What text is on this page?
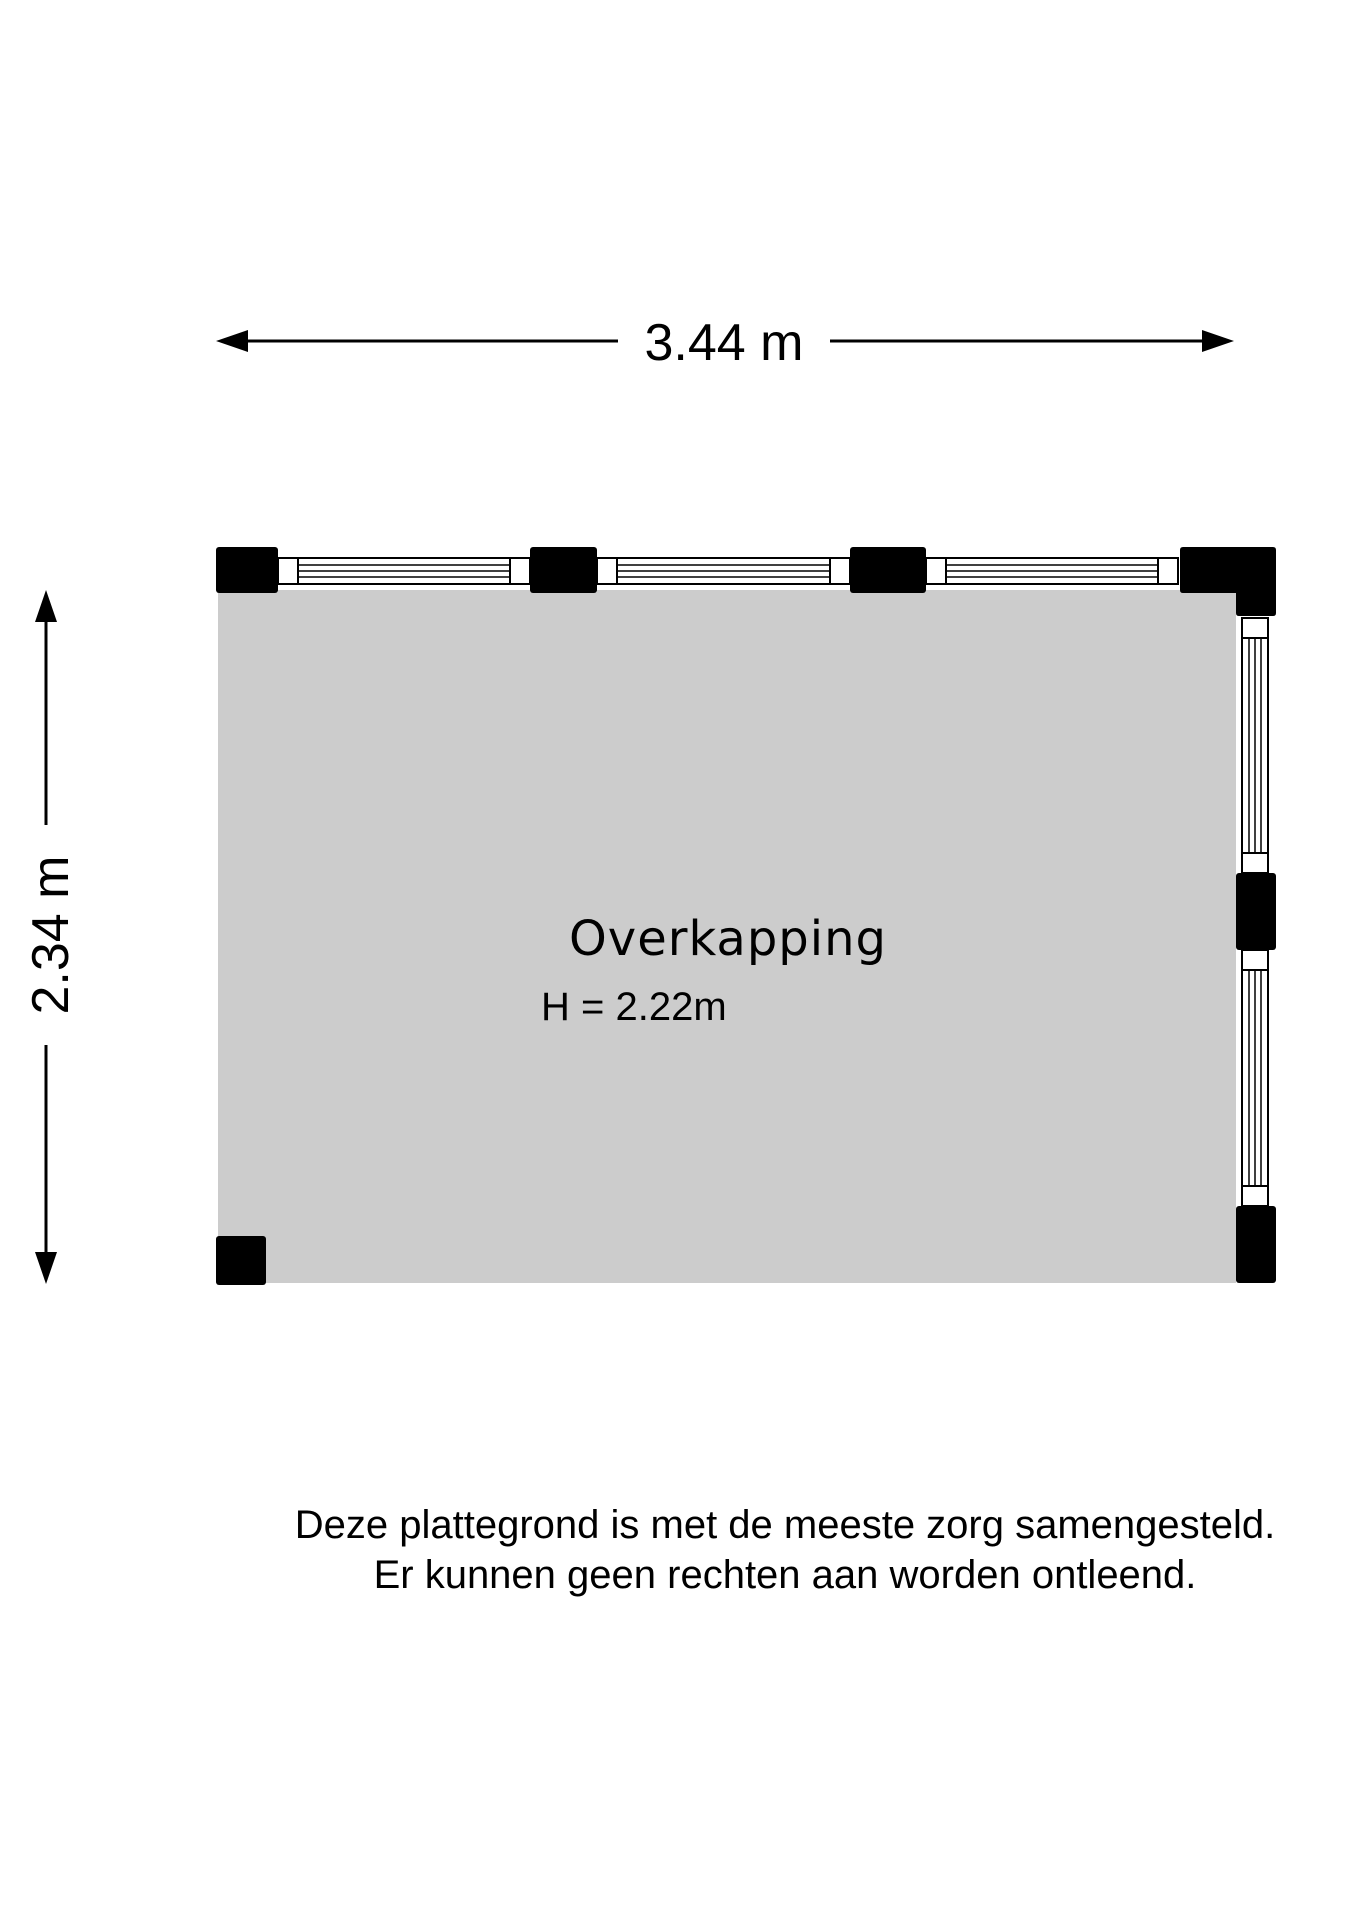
3.44 m
2.34 m	Overkapping
H = 2.22m
Deze plattegrond is met de meeste zorg samengesteld.
Er kunnen geen rechten aan worden ontleend.
